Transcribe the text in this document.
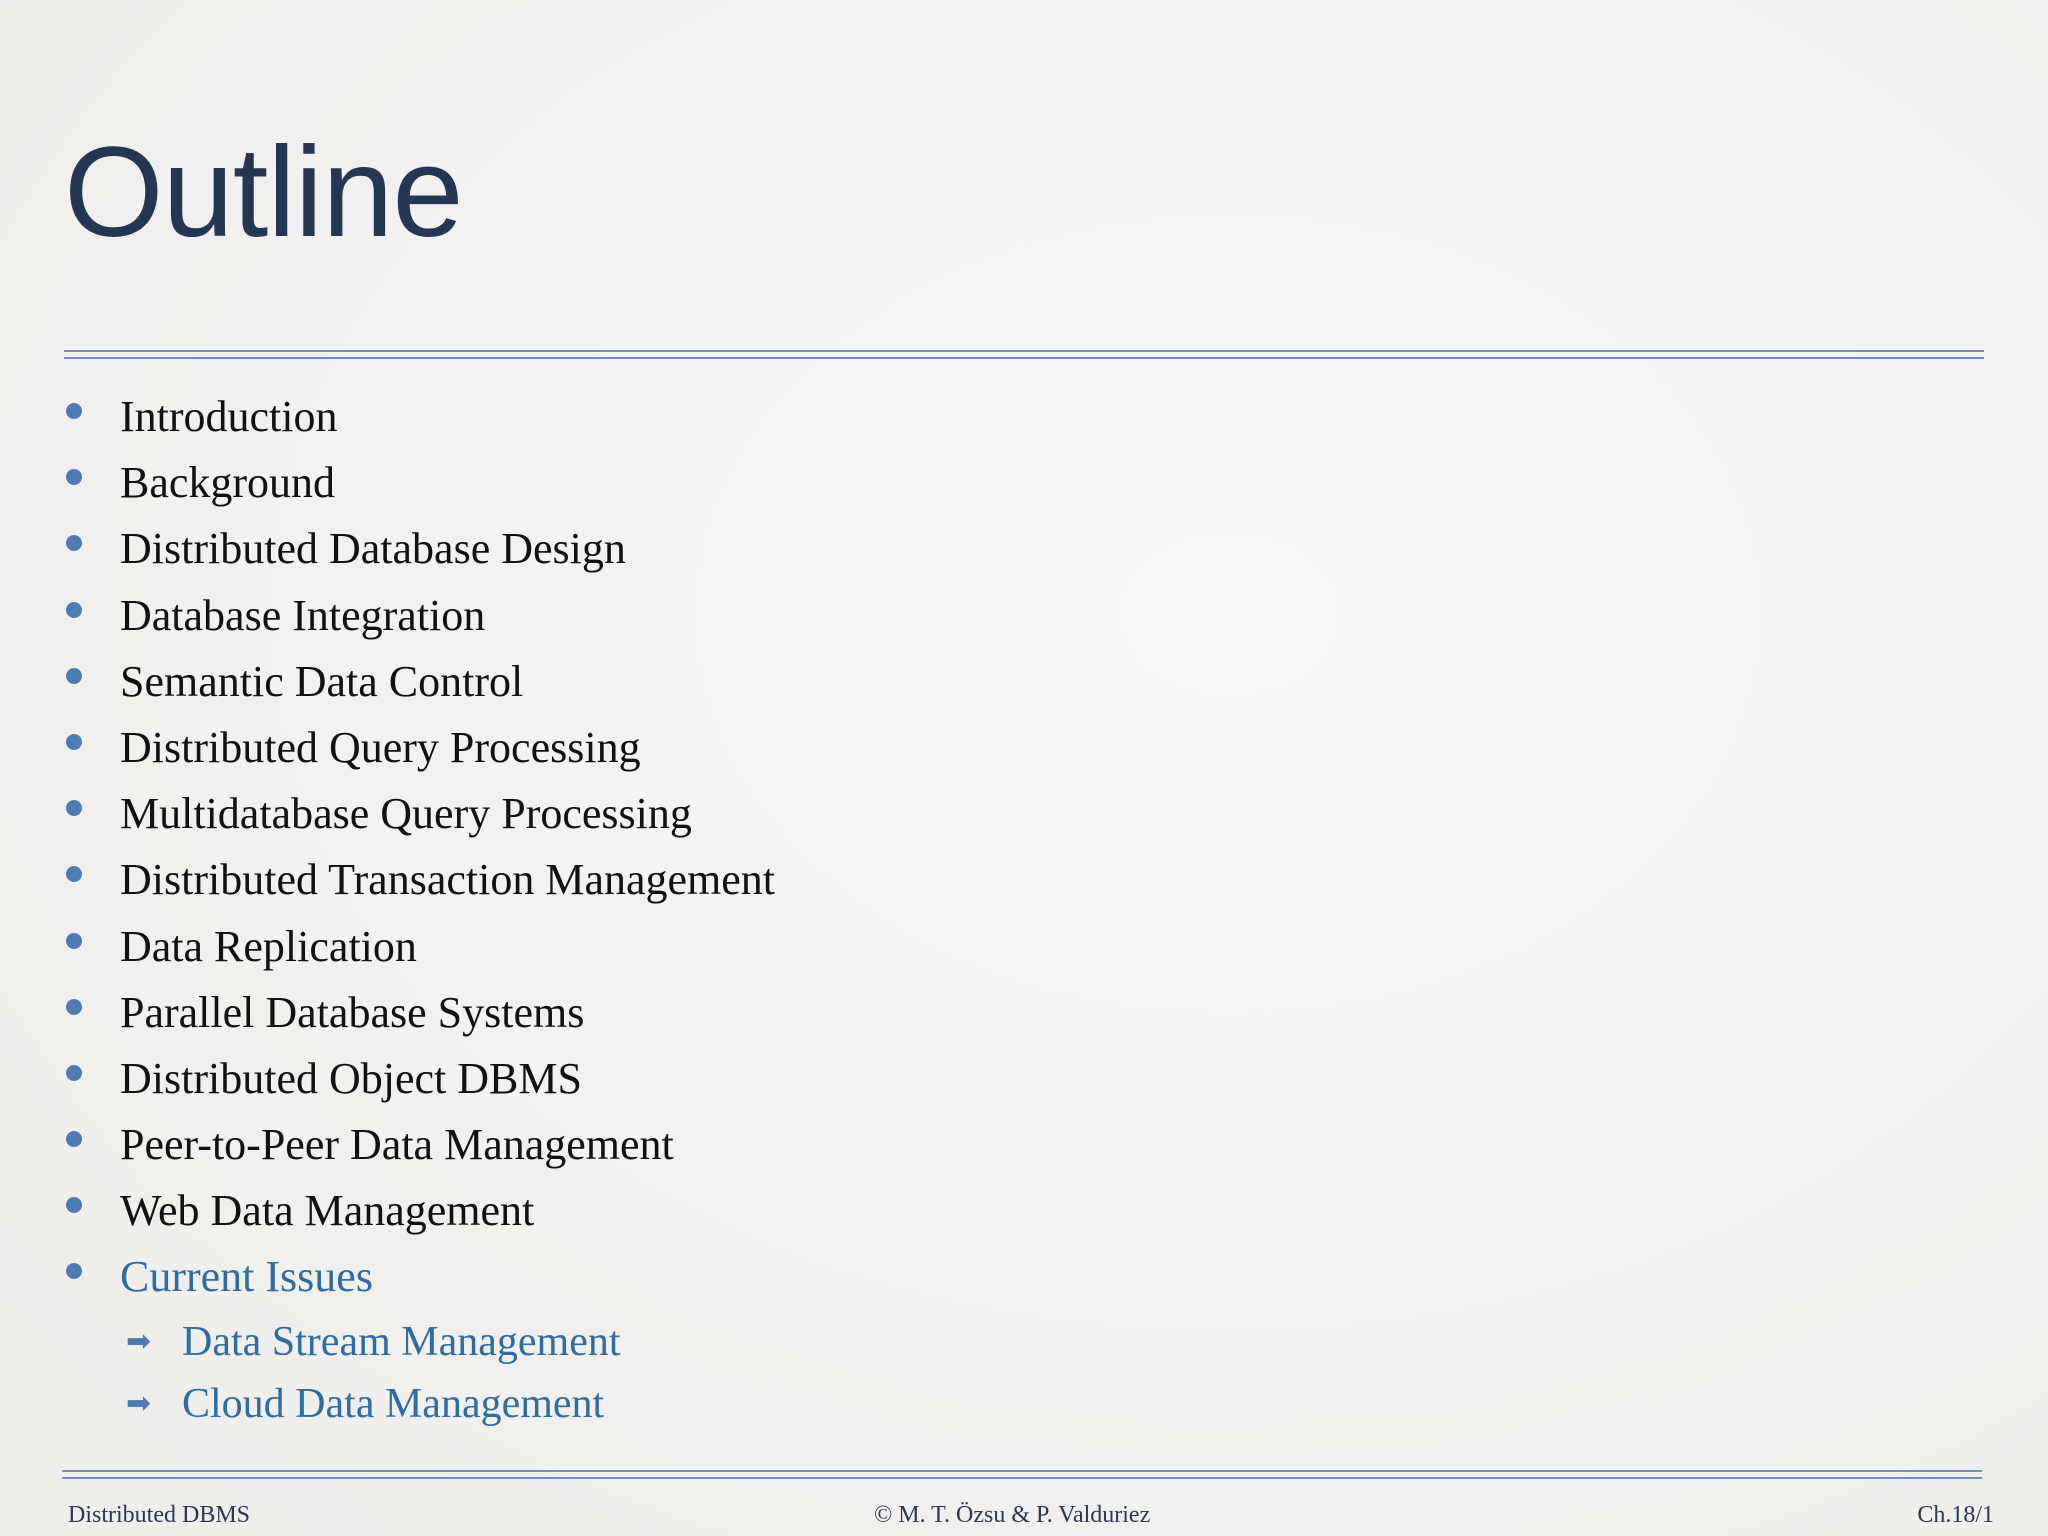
Outline
Introduction
Background
Distributed Database Design
Database Integration
Semantic Data Control
Distributed Query Processing
Multidatabase Query Processing
Distributed Transaction Management
Data Replication
Parallel Database Systems
Distributed Object DBMS
Peer-to-Peer Data Management
Web Data Management
Current Issues
➡ Data Stream Management
➡ Cloud Data Management
Distributed DBMS	© M. T. Özsu & P. Valduriez	Ch.18/1
